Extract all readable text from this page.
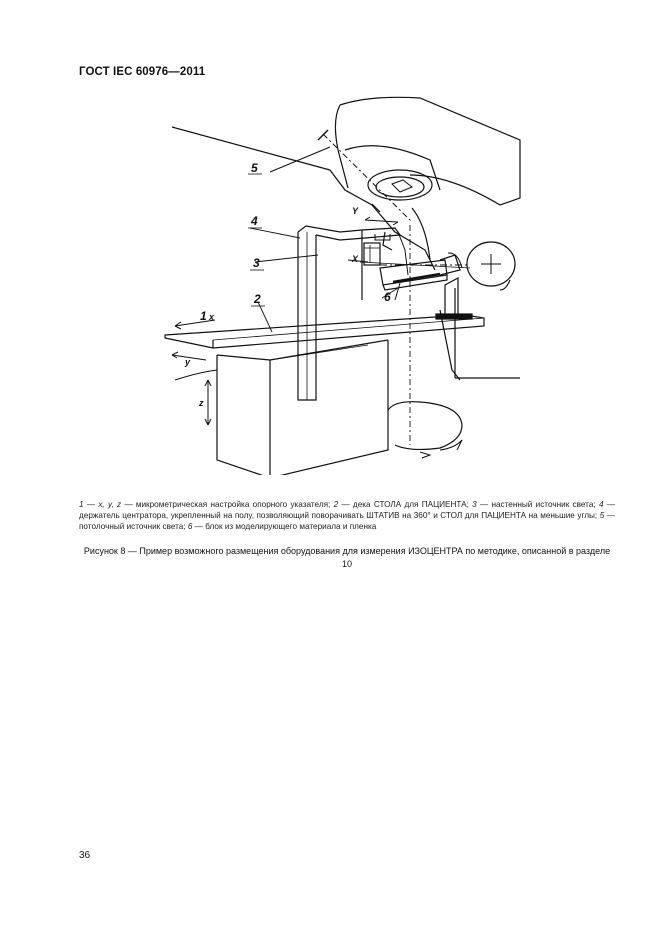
ГОСТ IEC 60976—2011
5
4
3
2
1 x
y
z
Y
X
6
1 — x, y, z — микрометрическая настройка опорного указателя; 2 — дека СТОЛА для ПАЦИЕНТА; 3 — настенный источник света; 4 — держатель центратора, укрепленный на полу, позволяющий поворачивать ШТАТИВ на 360° и СТОЛ для ПАЦИЕНТА на меньшие углы; 5 — потолочный источник света; 6 — блок из моделирующего материала и пленка
Рисунок 8 — Пример возможного размещения оборудования для измерения ИЗОЦЕНТРА по методике, описанной в разделе 10
36
